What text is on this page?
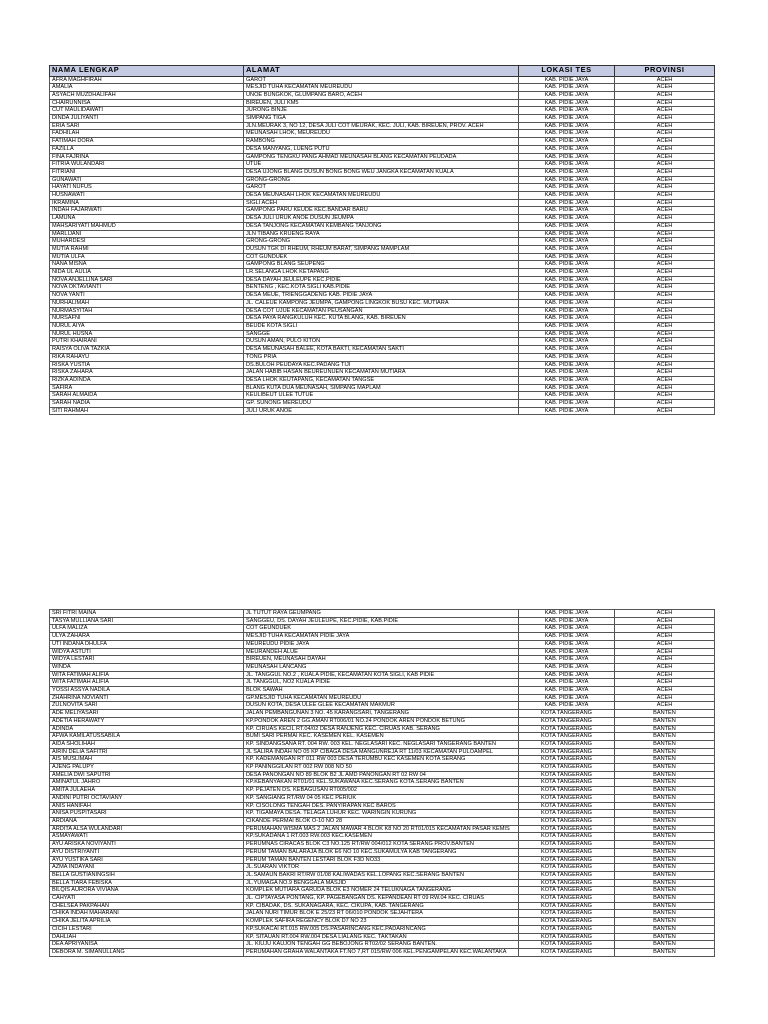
NAMA LENGKAP	ALAMAT	LOKASI TES	PROVINSI
AFRA MAGHFIRAH	GAROT	KAB. PIDIE JAYA	ACEH
AMALIA	MESJID TUHA KECAMATAN MEUREUDU	KAB. PIDIE JAYA	ACEH
ASYACH MUZDHALIFAH	UNOE BUNGKOK, GLUMPANG BARO, ACEH	KAB. PIDIE JAYA	ACEH
CHAIRUNNISA	BIREUEN, JULI KM5	KAB. PIDIE JAYA	ACEH
CUT MAULIDAWATI	JURONG BINJE	KAB. PIDIE JAYA	ACEH
DINDA JULIYANTI	SIMPANG TIGA	KAB. PIDIE JAYA	ACEH
ERIA SARI	JLN.MEURAK 3, NO 12, DESA JULI COT MEURAK, KEC. JULI, KAB. BIREUEN, PROV. ACEH	KAB. PIDIE JAYA	ACEH
FADHILAH	MEUNASAH LHOK, MEUREUDU	KAB. PIDIE JAYA	ACEH
FATIMAH DORA	RAMBONG	KAB. PIDIE JAYA	ACEH
FAZILLA	DESA MANYANG, LUENG PUTU	KAB. PIDIE JAYA	ACEH
FINA FAJRINA	GAMPONG TENGKU PANG AHMAD MEUNASAH BLANG KECAMATAN PEUDADA	KAB. PIDIE JAYA	ACEH
FITRIA WULANDARI	UTUE	KAB. PIDIE JAYA	ACEH
FITRIANI	DESA UJONG BLANG DUSUN BONG BONG WEU JANGKA KECAMATAN KUALA	KAB. PIDIE JAYA	ACEH
GUNAWATI	GRONG-GRONG	KAB. PIDIE JAYA	ACEH
HAYATI NUFUS	GAROT	KAB. PIDIE JAYA	ACEH
HUSNAWATI	DESA MEUNASAH LHOK KECAMATAN MEUREUDU	KAB. PIDIE JAYA	ACEH
IKRAMINA	SIGLI ACEH	KAB. PIDIE JAYA	ACEH
INDAH FAJARWATI	GAMPONG PARU KEUDE KEC.BANDAR BARU	KAB. PIDIE JAYA	ACEH
LAMUNA	DESA JULI URUK ANOE DUSUN JEUMPA	KAB. PIDIE JAYA	ACEH
MAHSARIYATI MAHMUD	DESA TANJONG KECAMATAN KEMBANG TANJONG	KAB. PIDIE JAYA	ACEH
MARLIJANI	JLN TIBANG KRUENG RAYA	KAB. PIDIE JAYA	ACEH
MUHARDESI	GRONG-GRONG	KAB. PIDIE JAYA	ACEH
MUTIA RAHMI	DUSUN TGK DI RHEUM, RHEUM BARAT, SIMPANG MAMPLAM	KAB. PIDIE JAYA	ACEH
MUTIA ULFA	COT GUNDUEK	KAB. PIDIE JAYA	ACEH
NANA MISNA	GAMPONG BLANG SEUPENG	KAB. PIDIE JAYA	ACEH
NIDA UL AULIA	LR.SELANGA LHOK KETAPANG	KAB. PIDIE JAYA	ACEH
NOVA ANJELLINA SARI	DESA DAYAH JEULEUPE KEC.PIDIE	KAB. PIDIE JAYA	ACEH
NOVA OKTAVIANTI	BENTENG , KEC.KOTA SIGLI KAB.PIDIE	KAB. PIDIE JAYA	ACEH
NOVA YANTI	DESA MEUE, TRIENGGADENG KAB. PIDIE JAYA	KAB. PIDIE JAYA	ACEH
NURHALIMAH	JL. CALEUE KAMPONG JEUMPA, GAMPONG LINGKOK BUSU KEC. MUTIARA	KAB. PIDIE JAYA	ACEH
NURMASYITAH	DESA COT UJUE KECAMATAN PEUSANGAN	KAB. PIDIE JAYA	ACEH
NURSAFNI	DESA PAYA RANGKULUH KEC. KUTA BLANG, KAB. BIREUEN	KAB. PIDIE JAYA	ACEH
NURUL AIYA	BEUDE KOTA SIGLI	KAB. PIDIE JAYA	ACEH
NURUL HUSNA	SANGGE	KAB. PIDIE JAYA	ACEH
PUTRI KHAIRANI	DUSUN AMAN, PULO KITON	KAB. PIDIE JAYA	ACEH
RAISYA OLIVA TAZKIA	DESA MEUNASAH BALEE, KOTA BAKTI, KECAMATAN SAKTI	KAB. PIDIE JAYA	ACEH
RIKA RAHAYU	TONG PRIA	KAB. PIDIE JAYA	ACEH
RISKA YUSTIA	DS.BULOH PEUDAYA KEC.PADANG TIJI	KAB. PIDIE JAYA	ACEH
RISKA ZAHARA	JALAN HABIB HASAN BEUREUNUEN KECAMATAN MUTIARA	KAB. PIDIE JAYA	ACEH
RIZKA ADINDA	DESA LHOK KEUTAPANG, KECAMATAN TANGSE	KAB. PIDIE JAYA	ACEH
SAFIRA	BLANG KUTA DUA MEUNASAH, SIMPANG MAPLAM	KAB. PIDIE JAYA	ACEH
SARAH ALMAIDA	KEULIBEUT ULEE TUTUE	KAB. PIDIE JAYA	ACEH
SARAH NADIA	GP. SUNONG MEREUDU	KAB. PIDIE JAYA	ACEH
SITI RAHMAH	JULI URUK ANOE	KAB. PIDIE JAYA	ACEH
SRI FITRI MAINA	JL TUTUT RAYA GEUMPANG	KAB. PIDIE JAYA	ACEH
TASYA MULLIANA SARI	SANGGEU, DS. DAYAH JEULEUPE, KEC.PIDIE, KAB.PIDIE	KAB. PIDIE JAYA	ACEH
ULFA MALIZA	COT GEUNDUEK	KAB. PIDIE JAYA	ACEH
ULYA ZAHARA	MESJID TUHA KECAMATAN PIDIE JAYA	KAB. PIDIE JAYA	ACEH
UTI INDANA DHULFA	MEUREUDU PIDIE JAYA	KAB. PIDIE JAYA	ACEH
WIDYA ASTUTI	MEURANDEH ALUE	KAB. PIDIE JAYA	ACEH
WIDYA LESTARI	BIREUEN, MEUNASAH DAYAH	KAB. PIDIE JAYA	ACEH
WINDA	MEUNASAH LANCANG	KAB. PIDIE JAYA	ACEH
WITA FATIMAH ALIFIA	JL. TANGGUL NO.2 , KUALA PIDIE, KECAMATAN KOTA SIGLI, KAB PIDIE	KAB. PIDIE JAYA	ACEH
WITA FATIMAH ALIFIA	JL TANGGUL, NO2 KUALA PIDIE	KAB. PIDIE JAYA	ACEH
YOSSI ASSYA NADILA	BLOK SAWAH	KAB. PIDIE JAYA	ACEH
ZHAHRINA NOVIANTI	GP.MESJID TUHA KECAMATAN MEUREUDU	KAB. PIDIE JAYA	ACEH
ZULNOVITA SARI	DUSUN KOTA, DESA ULEE GLEE KECAMATAN MAKMUR	KAB. PIDIE JAYA	ACEH
ADE MELIYASARI	JALAN PEMBANGUNAN 3 NO. 45 KARANGSARI, TANGERANG	KOTA TANGERANG	BANTEN
ADETIA HERAWATY	KP.PONDOK AREN 2 GG.AMAN RT006/01 NO.24 PONDOK AREN PONDOK BETUNG	KOTA TANGERANG	BANTEN
ADINDA	KP. CIRUAS KECIL RT.04/02 DESA RANJENG KEC. CIRUAS KAB. SERANG	KOTA TANGERANG	BANTEN
AFWA KAMILATUSSABILA	BUMI SARI PERMAI KEC. KASEMEN KEL. KASEMEN	KOTA TANGERANG	BANTEN
AIDA SHOLIHAH	KP. SINDANGSANA RT. 004 RW. 003 KEL. NEGLASARI KEC. NEGLASARI TANGERANG BANTEN	KOTA TANGERANG	BANTEN
AIRIN DELIA SAFITRI	JL SALIRA INDAH NO 05 KP CIBAGA DESA MANGUNREJA RT 11/03 KECAMATAN PULOAMPEL	KOTA TANGERANG	BANTEN
AIS MUSLIMAH	KP. KADEMANGAN RT 011 RW 003 DESA TERUMBU KEC KASEMEN KOTA SERANG	KOTA TANGERANG	BANTEN
AJENG PALUPY	KP PANINGGILAN RT 002 RW 008 NO 50	KOTA TANGERANG	BANTEN
AMELIA DWI SAPUTRI	DESA PANONGAN NO 89 BLOK B2 JL AMD PANONGAN RT 02 RW 04	KOTA TANGERANG	BANTEN
AMINATUL JAHRO	KP.KEBANYAKAN RT01/01 KEL.SUKAWANA KEC.SERANG KOTA.SERANG BANTEN	KOTA TANGERANG	BANTEN
AMITA JULAEHA	KP. PEJATEN DS. KEBAGUSAN RT005/002	KOTA TANGERANG	BANTEN
ANDINI PUTRI OCTAVIANY	KP. SANGIANG RT/RW 04 05 KEC PERIUK	KOTA TANGERANG	BANTEN
ANIS HANIFAH	KP. CISOLONG TENGAH DES. PANYIRAPAN KEC BAROS	KOTA TANGERANG	BANTEN
ANISA PUSPITASARI	KP. TIGAMAYA DESA. TELAGA LUHUR KEC. WARINGIN KURUNG	KOTA TANGERANG	BANTEN
ARDIANA	CIKANDE PERMAI BLOK O-10 NO 28	KOTA TANGERANG	BANTEN
ARDITA ALSA WULANDARI	PERUMAHAN WISMA MAS 2 JALAN MAWAR 4 BLOK K8 NO 20 RT01/015 KECAMATAN PASAR KEMIS	KOTA TANGERANG	BANTEN
ASMAYAWATI	KP.SUKADANA 1 RT.003 RW.003 KEC.KASEMEN	KOTA TANGERANG	BANTEN
AYU ARISKA NOVIYANTI	PERUMNAS CIRACAS BLOK C3 NO.125 RT/RW 004/012 KOTA SERANG PROV.BANTEN	KOTA TANGERANG	BANTEN
AYU DISTRIYANTI	PERUM TAMAN BALARAJA BLOK E6 NO 10 KEC.SUKAMULYA KAB TANGERANG	KOTA TANGERANG	BANTEN
AYU YUSTIKA SARI	PERUM TAMAN BANTEN LESTARI BLOK F3D NO33	KOTA TANGERANG	BANTEN
AZMA INDAYANI	JL.SUARAN VIKTOR	KOTA TANGERANG	BANTEN
BELLA GUSTIANINGSIH	JL.SAMAUN BAKRI RT/RW 01/08 KALIWADAS KEL.LOPANG KEC.SERANG BANTEN	KOTA TANGERANG	BANTEN
BELLA TIARA FEBISKA	JL.YUMAGA NO.9 BENGGALA MASJID	KOTA TANGERANG	BANTEN
BILQIS AURORA VIVIANA	KOMPLEK MUTIARA GARUDA BLOK E3 NOMER 24 TELUKNAGA TANGERANG	KOTA TANGERANG	BANTEN
CAHYATI	JL. CIPTAYASA PONTANG, KP. PAGEBANGAN DS. KEPANDEAN RT 09 RW.04 KEC. CIRUAS	KOTA TANGERANG	BANTEN
CHELSEA PAKPAHAN	KP. CIBADAK, DS. SUKANAGARA, KEC. CIKUPA, KAB. TANGERANG	KOTA TANGERANG	BANTEN
CHIKA INDAH MAHARANI	JALAN NURI TIMUR BLOK E 25/23 RT 06/010 PONDOK SEJAHTERA	KOTA TANGERANG	BANTEN
CHIKA JELITA APRILIA	KOMPLEK SAFIRA REGENCY BLOK D7 NO 23	KOTA TANGERANG	BANTEN
CICIH LESTARI	KP.SUKACAI RT.015 RW.005 DS.PASARINCANG KEC.PADARINCANG	KOTA TANGERANG	BANTEN
DAHLIAH	KP. SITAUAN RT.004 RW.004 DESA LIALANG KEC. TAKTAKAN	KOTA TANGERANG	BANTEN
DEA APRIYANISA	JL. KIUJU KAUJON TENGAH GG BEBOJONG RT02/02 SERANG BANTEN.	KOTA TANGERANG	BANTEN
DEBORA M. SIMANULLANG	PERUMAHAN GRAHA WALANTAKA FT.NO 7,RT 015/RW 006 KEL.PENGAMPELAN KEC.WALANTAKA	KOTA TANGERANG	BANTEN
